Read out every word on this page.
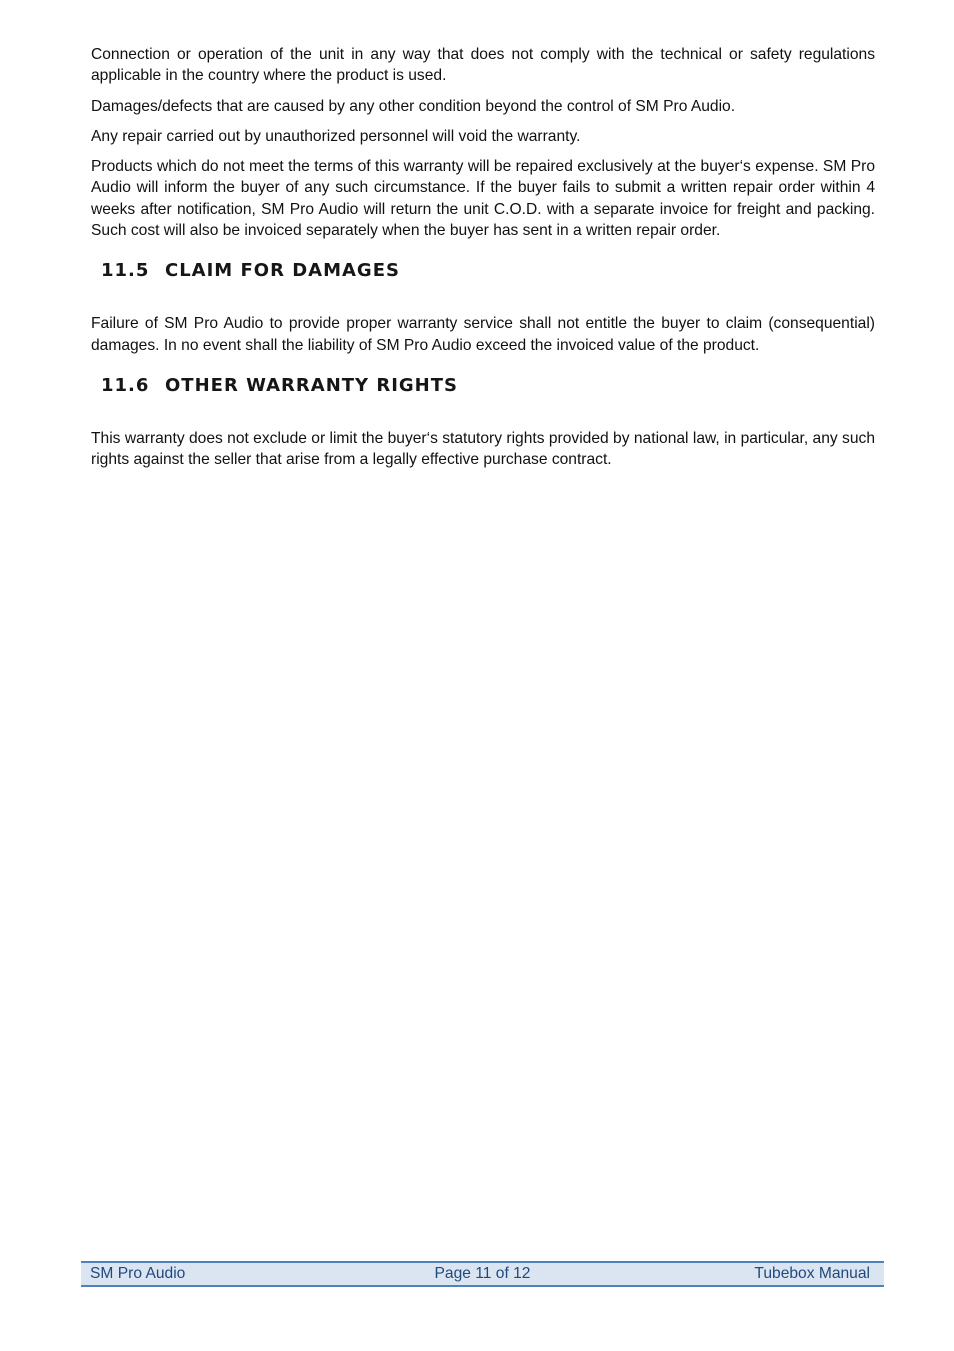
Connection or operation of the unit in any way that does not comply with the technical or safety regulations applicable in the country where the product is used.

Damages/defects that are caused by any other condition beyond the control of SM Pro Audio.

Any repair carried out by unauthorized personnel will void the warranty.

Products which do not meet the terms of this warranty will be repaired exclusively at the buyer‘s expense. SM Pro Audio will inform the buyer of any such circumstance. If the buyer fails to submit a written repair order within 4 weeks after notification, SM Pro Audio will return the unit C.O.D. with a separate invoice for freight and packing. Such cost will also be invoiced separately when the buyer has sent in a written repair order.

11.5 CLAIM FOR DAMAGES

Failure of SM Pro Audio to provide proper warranty service shall not entitle the buyer to claim (consequential) damages. In no event shall the liability of SM Pro Audio exceed the invoiced value of the product.

11.6 OTHER WARRANTY RIGHTS

This warranty does not exclude or limit the buyer‘s statutory rights provided by national law, in particular, any such rights against the seller that arise from a legally effective purchase contract.

SM Pro Audio	Page 11 of 12	Tubebox Manual
